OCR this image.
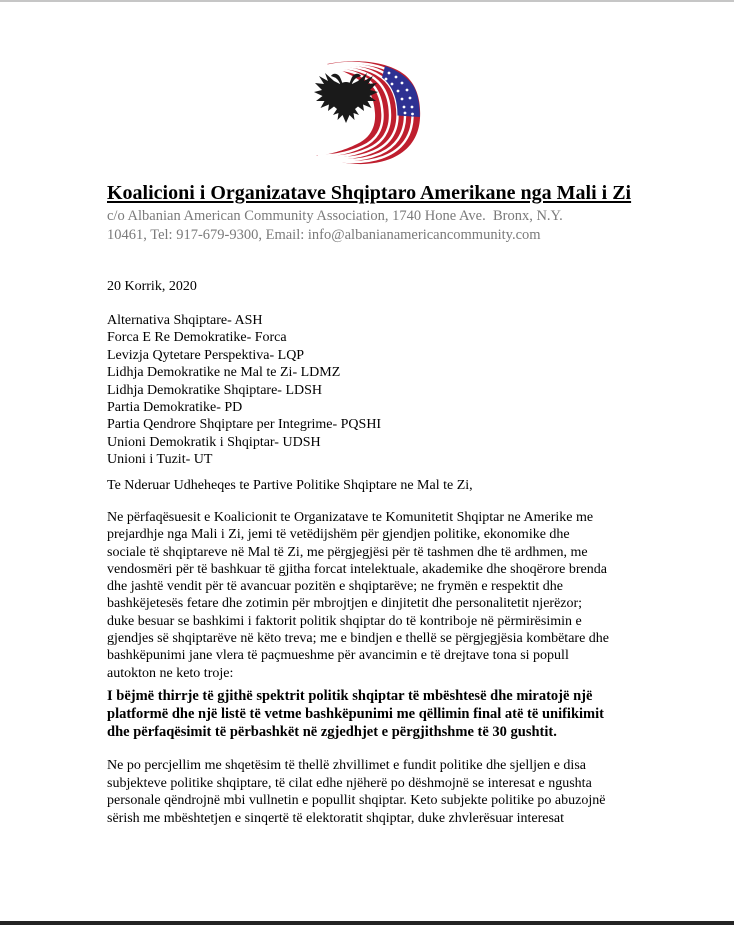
Koalicioni i Organizatave Shqiptaro Amerikane nga Mali i Zi
c/o Albanian American Community Association, 1740 Hone Ave.  Bronx, N.Y.
10461, Tel: 917-679-9300, Email: info@albanianamericancommunity.com
20 Korrik, 2020
Alternativa Shqiptare- ASH
Forca E Re Demokratike- Forca
Levizja Qytetare Perspektiva- LQP
Lidhja Demokratike ne Mal te Zi- LDMZ
Lidhja Demokratike Shqiptare- LDSH
Partia Demokratike- PD
Partia Qendrore Shqiptare per Integrime- PQSHI
Unioni Demokratik i Shqiptar- UDSH
Unioni i Tuzit- UT
Te Nderuar Udheheqes te Partive Politike Shqiptare ne Mal te Zi,
Ne përfaqësuesit e Koalicionit te Organizatave te Komunitetit Shqiptar ne Amerike me
prejardhje nga Mali i Zi, jemi të vetëdijshëm për gjendjen politike, ekonomike dhe
sociale të shqiptareve në Mal të Zi, me përgjegjësi për të tashmen dhe të ardhmen, me
vendosmëri për të bashkuar të gjitha forcat intelektuale, akademike dhe shoqërore brenda
dhe jashtë vendit për të avancuar pozitën e shqiptarëve; ne frymën e respektit dhe
bashkëjetesës fetare dhe zotimin për mbrojtjen e dinjitetit dhe personalitetit njerëzor;
duke besuar se bashkimi i faktorit politik shqiptar do të kontriboje në përmirësimin e
gjendjes së shqiptarëve në këto treva; me e bindjen e thellë se përgjegjësia kombëtare dhe
bashkëpunimi jane vlera të paçmueshme për avancimin e të drejtave tona si popull
autokton ne keto troje:
I bëjmë thirrje të gjithë spektrit politik shqiptar të mbështesë dhe miratojë një
platformë dhe një listë të vetme bashkëpunimi me qëllimin final atë të unifikimit
dhe përfaqësimit të përbashkët në zgjedhjet e përgjithshme të 30 gushtit.
Ne po percjellim me shqetësim të thellë zhvillimet e fundit politike dhe sjelljen e disa
subjekteve politike shqiptare, të cilat edhe njëherë po dëshmojnë se interesat e ngushta
personale qëndrojnë mbi vullnetin e popullit shqiptar. Keto subjekte politike po abuzojnë
sërish me mbështetjen e sinqertë të elektoratit shqiptar, duke zhvlerësuar interesat
